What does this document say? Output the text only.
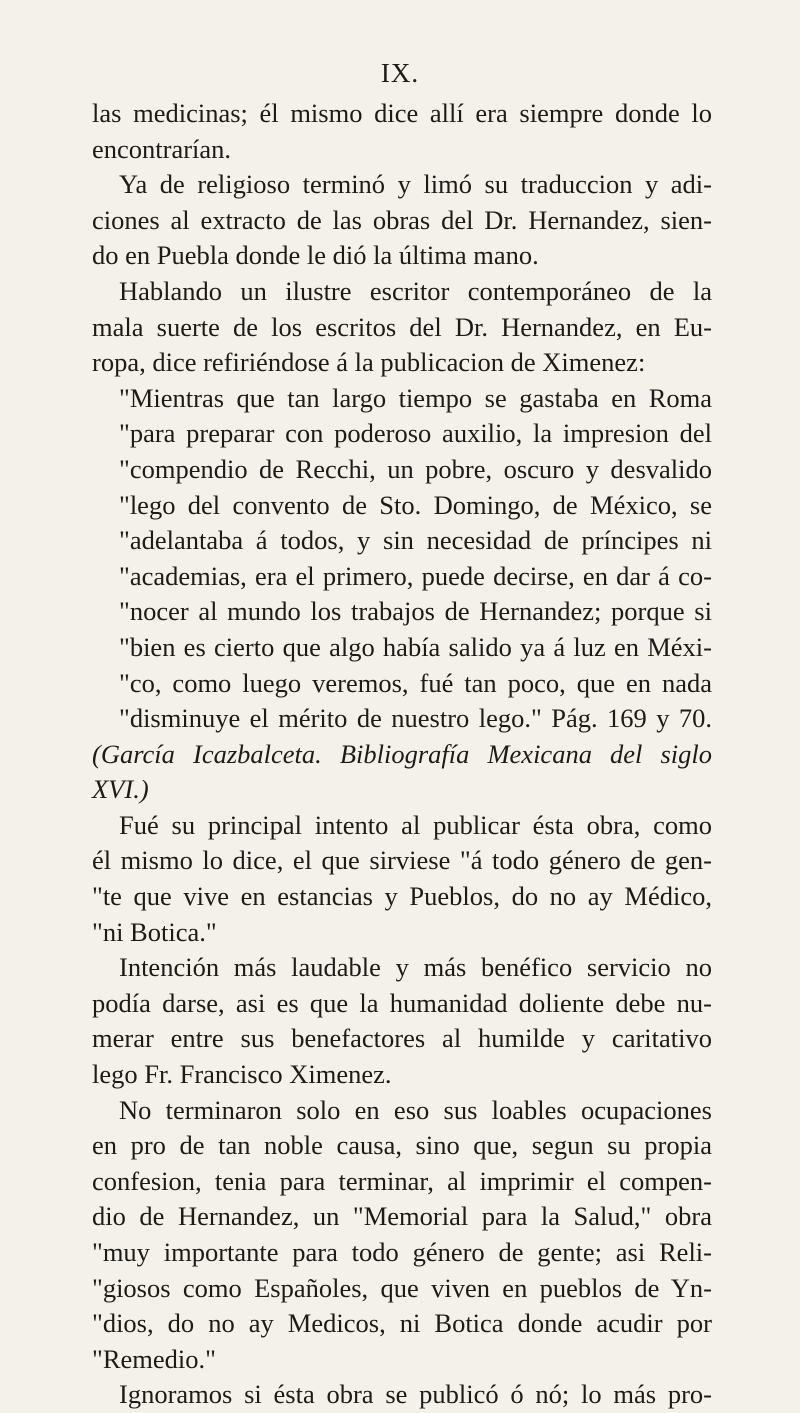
IX.
las medicinas; él mismo dice allí era siempre donde lo
encontrarían.
Ya de religioso terminó y limó su traduccion y adi-
ciones al extracto de las obras del Dr. Hernandez, sien-
do en Puebla donde le dió la última mano.
Hablando un ilustre escritor contemporáneo de la
mala suerte de los escritos del Dr. Hernandez, en Eu-
ropa, dice refiriéndose á la publicacion de Ximenez:
"Mientras que tan largo tiempo se gastaba en Roma
"para preparar con poderoso auxilio, la impresion del
"compendio de Recchi, un pobre, oscuro y desvalido
"lego del convento de Sto. Domingo, de México, se
"adelantaba á todos, y sin necesidad de príncipes ni
"academias, era el primero, puede decirse, en dar á co-
"nocer al mundo los trabajos de Hernandez; porque si
"bien es cierto que algo había salido ya á luz en Méxi-
"co, como luego veremos, fué tan poco, que en nada
"disminuye el mérito de nuestro lego." Pág. 169 y 70.
(García Icazbalceta. Bibliografía Mexicana del siglo
XVI.)
Fué su principal intento al publicar ésta obra, como
él mismo lo dice, el que sirviese "á todo género de gen-
"te que vive en estancias y Pueblos, do no ay Médico,
"ni Botica."
Intención más laudable y más benéfico servicio no
podía darse, asi es que la humanidad doliente debe nu-
merar entre sus benefactores al humilde y caritativo
lego Fr. Francisco Ximenez.
No terminaron solo en eso sus loables ocupaciones
en pro de tan noble causa, sino que, segun su propia
confesion, tenia para terminar, al imprimir el compen-
dio de Hernandez, un "Memorial para la Salud," obra
"muy importante para todo género de gente; asi Reli-
"giosos como Españoles, que viven en pueblos de Yn-
"dios, do no ay Medicos, ni Botica donde acudir por
"Remedio."
Ignoramos si ésta obra se publicó ó nó; lo más pro-
